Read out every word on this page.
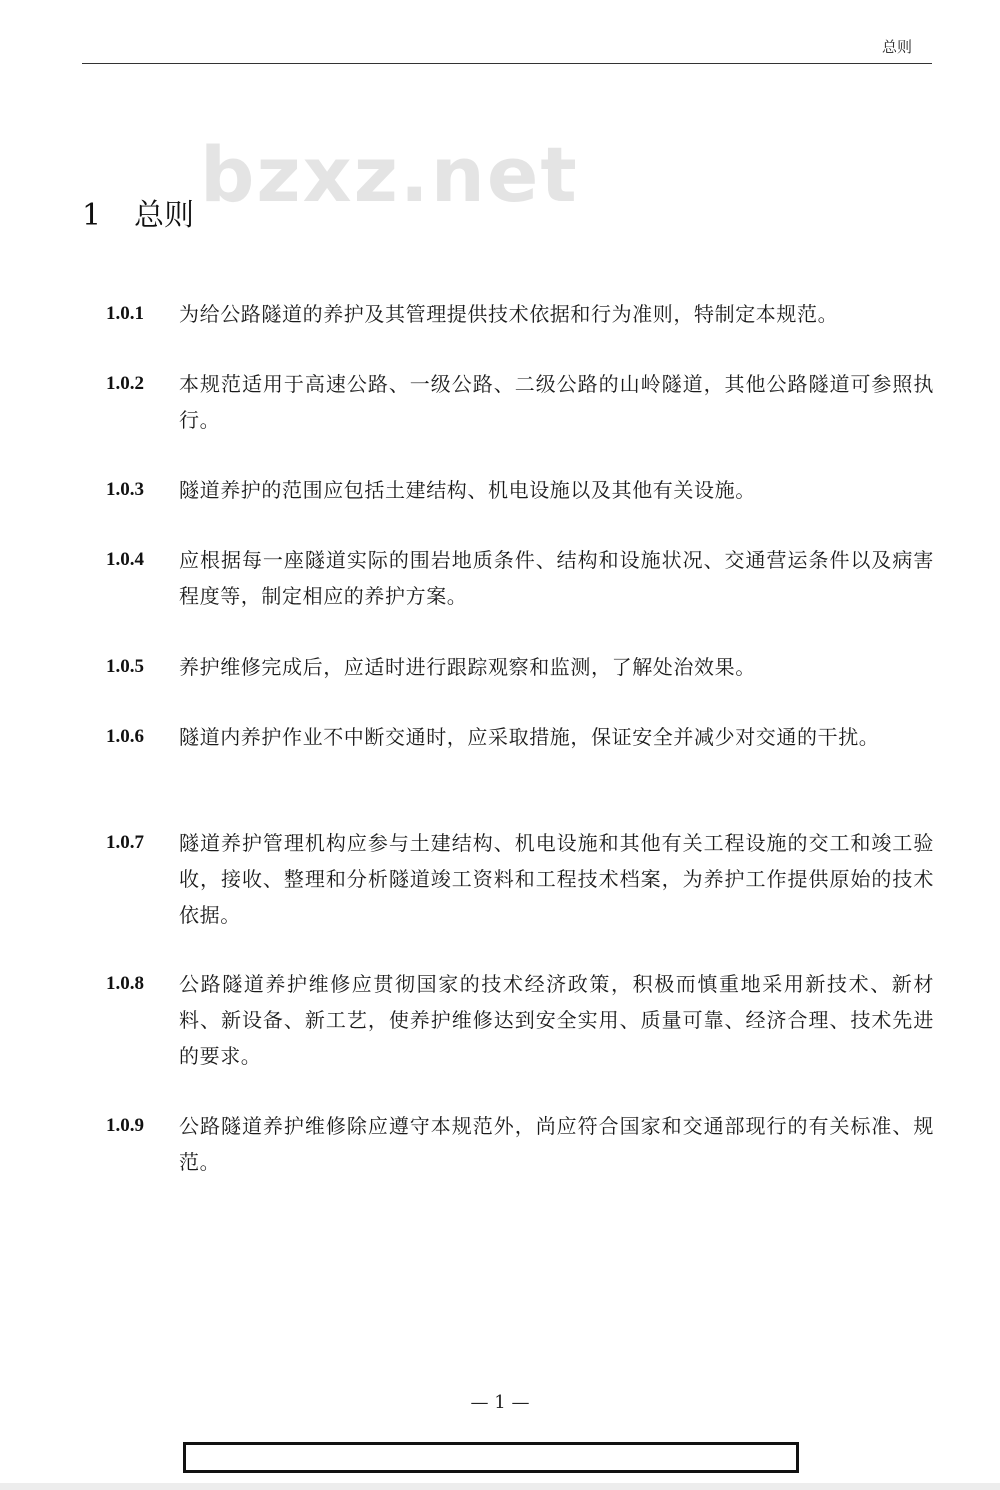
总则
bzxz.net
1 总则
1.0.1 为给公路隧道的养护及其管理提供技术依据和行为准则，特制定本规范。
1.0.2 本规范适用于高速公路、一级公路、二级公路的山岭隧道，其他公路隧道可参照执行。
1.0.3 隧道养护的范围应包括土建结构、机电设施以及其他有关设施。
1.0.4 应根据每一座隧道实际的围岩地质条件、结构和设施状况、交通营运条件以及病害程度等，制定相应的养护方案。
1.0.5 养护维修完成后，应适时进行跟踪观察和监测，了解处治效果。
1.0.6 隧道内养护作业不中断交通时，应采取措施，保证安全并减少对交通的干扰。
1.0.7 隧道养护管理机构应参与土建结构、机电设施和其他有关工程设施的交工和竣工验收，接收、整理和分析隧道竣工资料和工程技术档案，为养护工作提供原始的技术依据。
1.0.8 公路隧道养护维修应贯彻国家的技术经济政策，积极而慎重地采用新技术、新材料、新设备、新工艺，使养护维修达到安全实用、质量可靠、经济合理、技术先进的要求。
1.0.9 公路隧道养护维修除应遵守本规范外，尚应符合国家和交通部现行的有关标准、规范。
— 1 —
